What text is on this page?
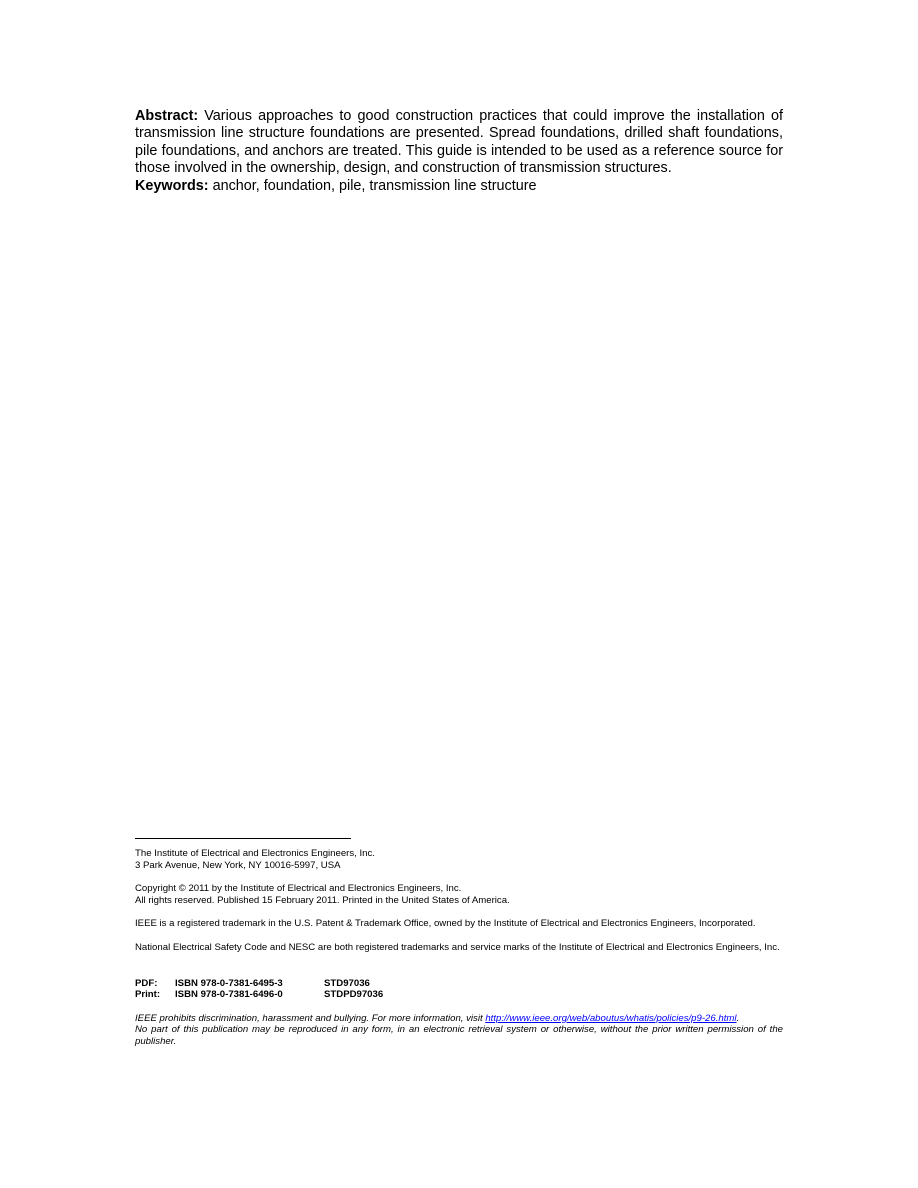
Abstract: Various approaches to good construction practices that could improve the installation of transmission line structure foundations are presented. Spread foundations, drilled shaft foundations, pile foundations, and anchors are treated. This guide is intended to be used as a reference source for those involved in the ownership, design, and construction of transmission structures.

Keywords: anchor, foundation, pile, transmission line structure

The Institute of Electrical and Electronics Engineers, Inc.

3 Park Avenue, New York, NY 10016-5997, USA

Copyright © 2011 by the Institute of Electrical and Electronics Engineers, Inc.

All rights reserved. Published 15 February 2011. Printed in the United States of America.

IEEE is a registered trademark in the U.S. Patent & Trademark Office, owned by the Institute of Electrical and Electronics Engineers, Incorporated.

National Electrical Safety Code and NESC are both registered trademarks and service marks of the Institute of Electrical and Electronics Engineers, Inc.

PDF:	ISBN 978-0-7381-6495-3	STD97036
Print:	ISBN 978-0-7381-6496-0	STDPD97036

IEEE prohibits discrimination, harassment and bullying. For more information, visit http://www.ieee.org/web/aboutus/whatis/policies/p9-26.html.

No part of this publication may be reproduced in any form, in an electronic retrieval system or otherwise, without the prior written permission of the publisher.
